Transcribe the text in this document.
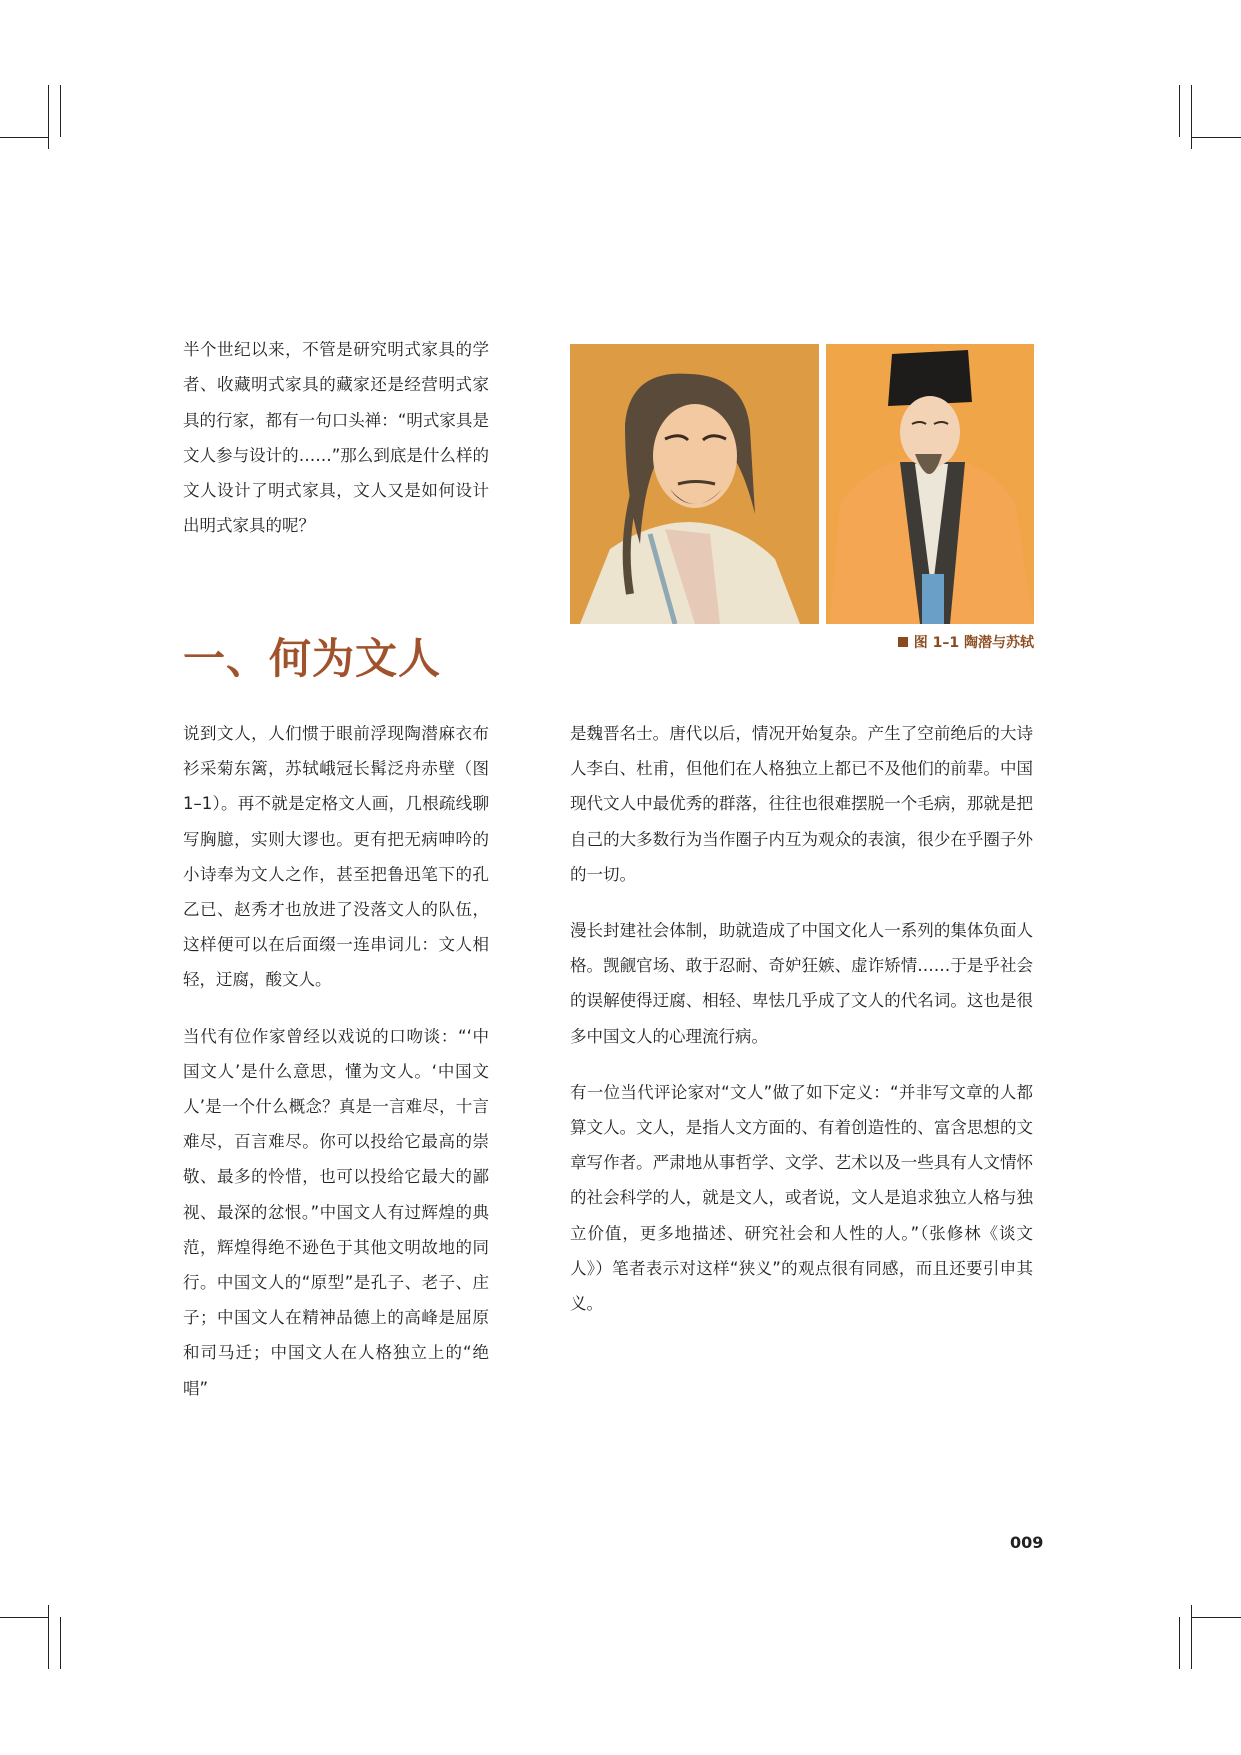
半个世纪以来，不管是研究明式家具的学者、收藏明式家具的藏家还是经营明式家具的行家，都有一句口头禅：“明式家具是文人参与设计的……”那么到底是什么样的文人设计了明式家具，文人又是如何设计出明式家具的呢？

图 1–1 陶潜与苏轼
一、何为文人

说到文人，人们惯于眼前浮现陶潜麻衣布衫采菊东篱，苏轼峨冠长髯泛舟赤壁（图 1–1）。再不就是定格文人画，几根疏线聊写胸臆，实则大谬也。更有把无病呻吟的小诗奉为文人之作，甚至把鲁迅笔下的孔乙已、赵秀才也放进了没落文人的队伍，这样便可以在后面缀一连串词儿：文人相轻，迂腐，酸文人。

当代有位作家曾经以戏说的口吻谈：“‘中国文人’是什么意思，懂为文人。‘中国文人’是一个什么概念？真是一言难尽，十言难尽，百言难尽。你可以投给它最高的崇敬、最多的怜惜，也可以投给它最大的鄙视、最深的忿恨。”中国文人有过辉煌的典范，辉煌得绝不逊色于其他文明故地的同行。中国文人的“原型”是孔子、老子、庄子；中国文人在精神品德上的高峰是屈原和司马迁；中国文人在人格独立上的“绝唱”

是魏晋名士。唐代以后，情况开始复杂。产生了空前绝后的大诗人李白、杜甫，但他们在人格独立上都已不及他们的前辈。中国现代文人中最优秀的群落，往往也很难摆脱一个毛病，那就是把自己的大多数行为当作圈子内互为观众的表演，很少在乎圈子外的一切。

漫长封建社会体制，助就造成了中国文化人一系列的集体负面人格。觊觎官场、敢于忍耐、奇妒狂嫉、虚诈矫情……于是乎社会的误解使得迂腐、相轻、卑怯几乎成了文人的代名词。这也是很多中国文人的心理流行病。

有一位当代评论家对“文人”做了如下定义：“并非写文章的人都算文人。文人，是指人文方面的、有着创造性的、富含思想的文章写作者。严肃地从事哲学、文学、艺术以及一些具有人文情怀的社会科学的人，就是文人，或者说，文人是追求独立人格与独立价值，更多地描述、研究社会和人性的人。”（张修林《谈文人》）笔者表示对这样“狭义”的观点很有同感，而且还要引申其义。

009
